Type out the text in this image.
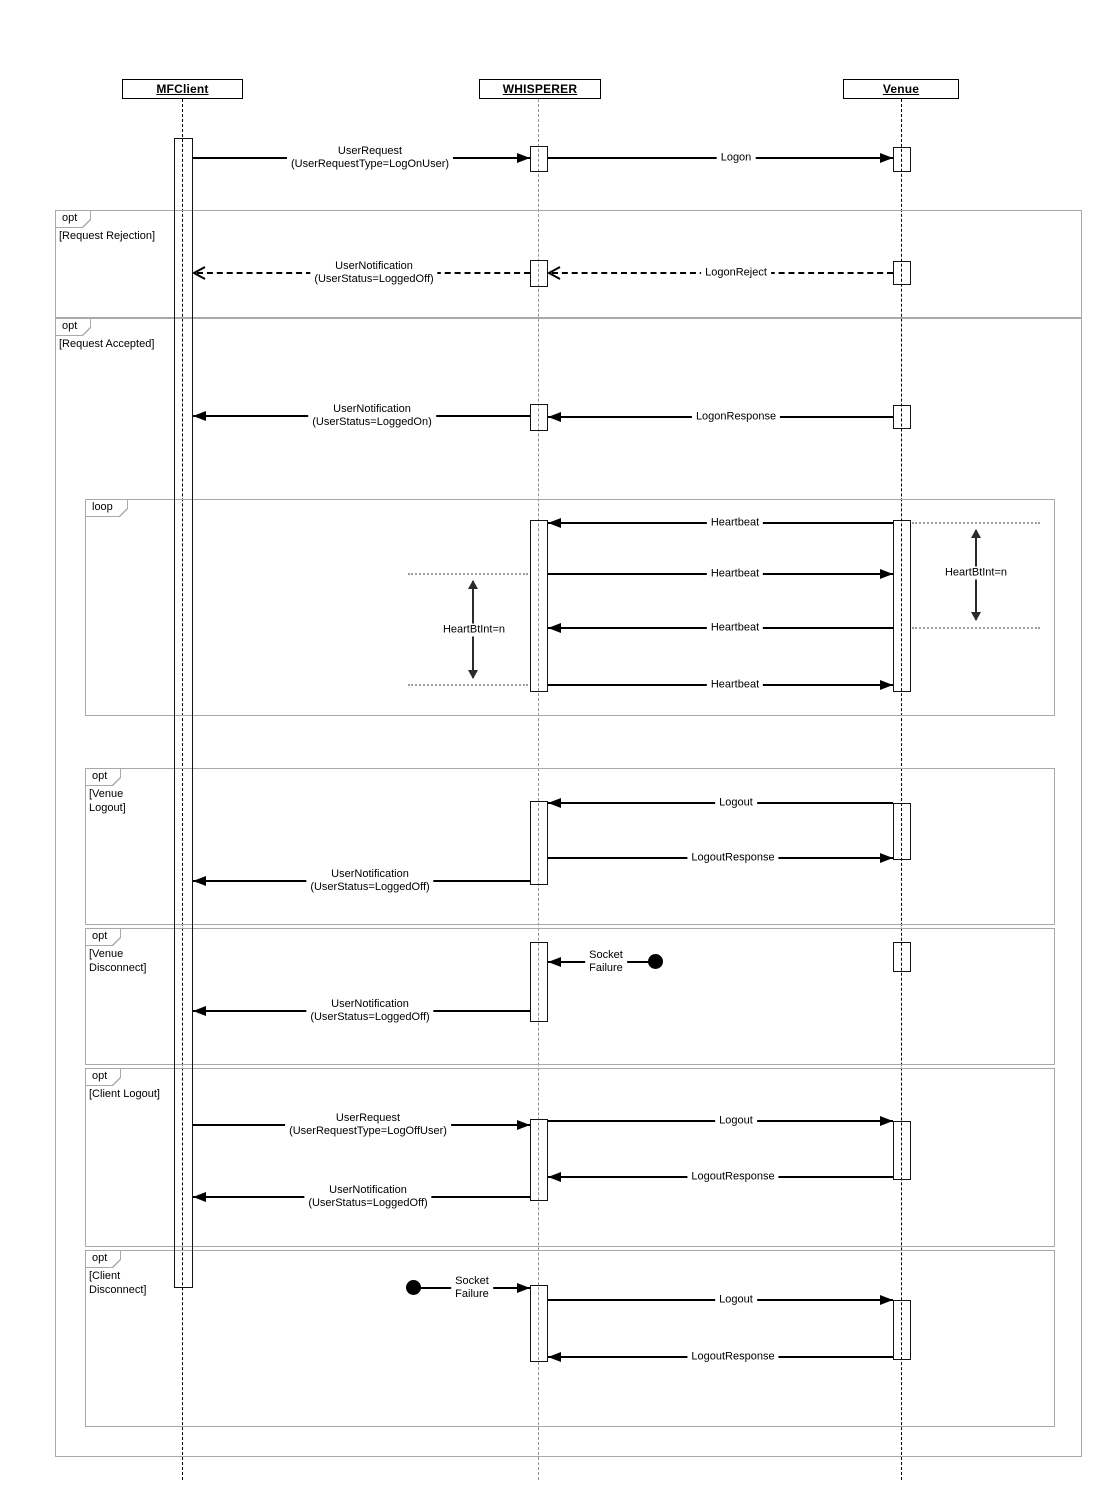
MFClient	WHISPERER	Venue
opt
[Request Rejection]
opt
[Request Accepted]
loop
opt
[Venue
Logout]
opt
[Venue
Disconnect]
opt
[Client Logout]
opt
[Client
Disconnect]
HeartBtInt=n
HeartBtInt=n
UserRequest
(UserRequestType=LogOnUser)
Logon
UserNotification
(UserStatus=LoggedOff)
LogonReject
UserNotification
(UserStatus=LoggedOn)	LogonResponse
Heartbeat
Heartbeat
Heartbeat
Heartbeat
Logout
LogoutResponse
UserNotification
(UserStatus=LoggedOff)
Socket
Failure
UserNotification
(UserStatus=LoggedOff)
UserRequest
(UserRequestType=LogOffUser)
Logout
LogoutResponse
UserNotification
(UserStatus=LoggedOff)
Socket
Failure	Logout
LogoutResponse
